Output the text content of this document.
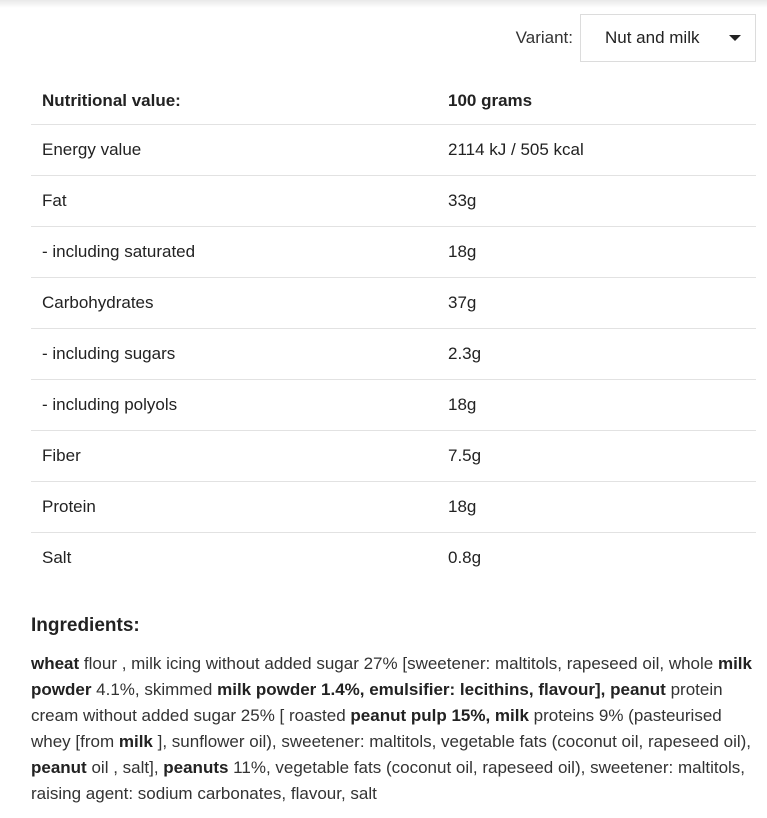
Variant: Nut and milk
Nutritional value:	100 grams
Energy value	2114 kJ / 505 kcal
Fat	33g
- including saturated	18g
Carbohydrates	37g
- including sugars	2.3g
- including polyols	18g
Fiber	7.5g
Protein	18g
Salt	0.8g
Ingredients:

wheat flour , milk icing without added sugar 27% [sweetener: maltitols, rapeseed oil, whole milk powder 4.1%, skimmed milk powder 1.4%, emulsifier: lecithins, flavour], peanut protein cream without added sugar 25% [ roasted peanut pulp 15%, milk proteins 9% (pasteurised whey [from milk ], sunflower oil), sweetener: maltitols, vegetable fats (coconut oil, rapeseed oil), peanut oil , salt], peanuts 11%, vegetable fats (coconut oil, rapeseed oil), sweetener: maltitols, raising agent: sodium carbonates, flavour, salt
